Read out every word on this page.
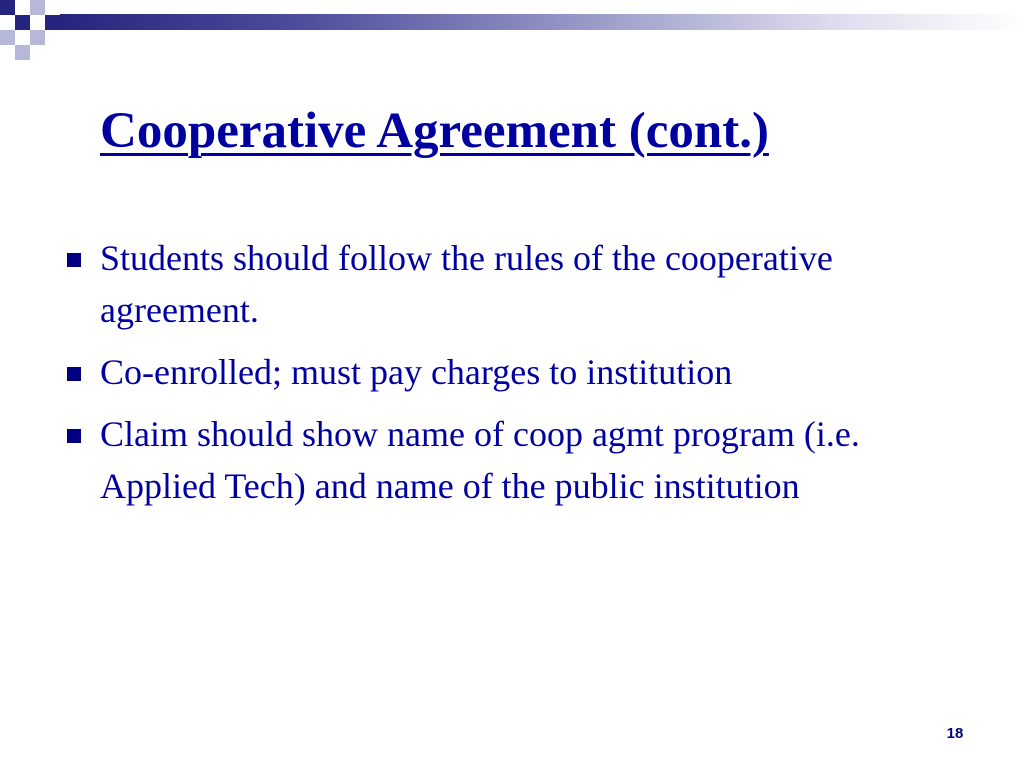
Cooperative Agreement (cont.)
Students should follow the rules of the cooperative agreement.
Co-enrolled; must pay charges to institution
Claim should show name of coop agmt program (i.e. Applied Tech) and name of the public institution
18
